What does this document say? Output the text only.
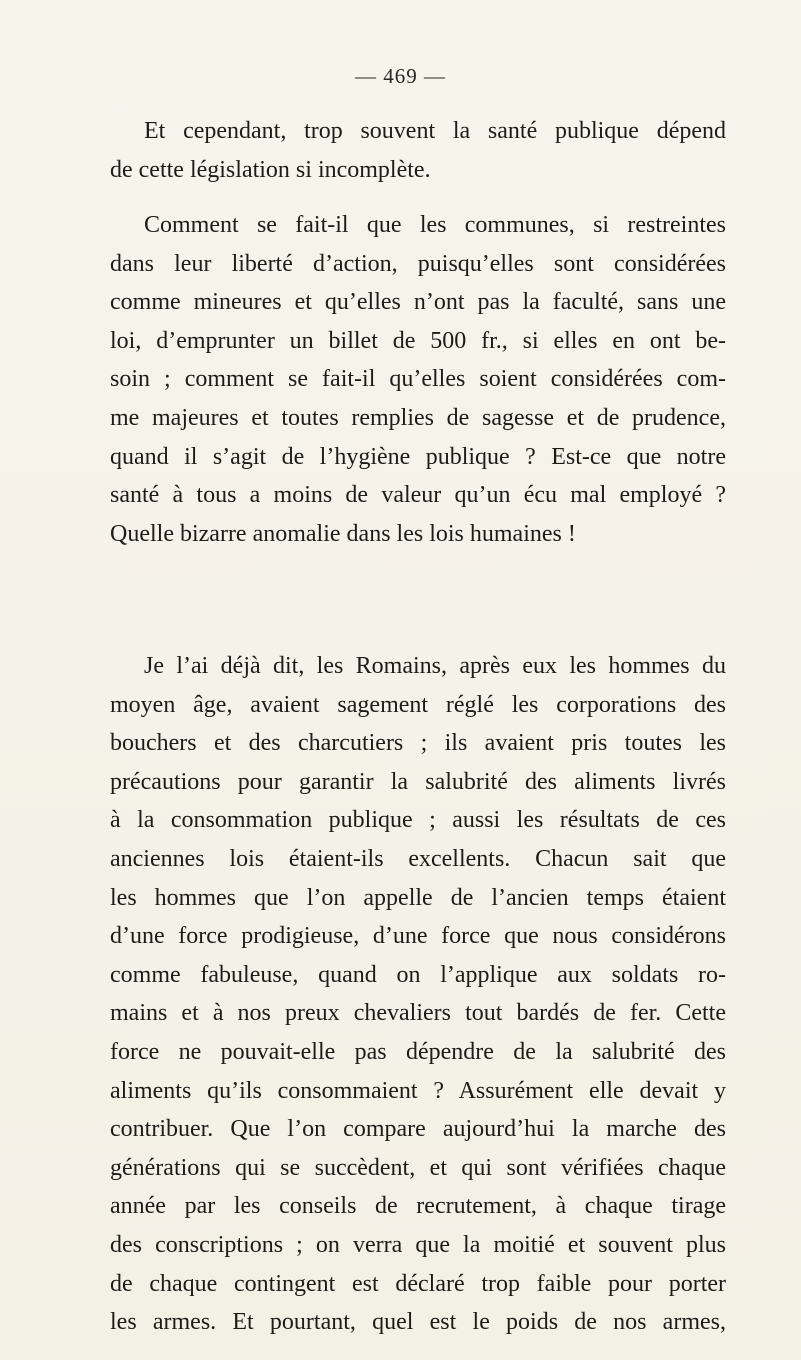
— 469 —
Et cependant, trop souvent la santé publique dépend
de cette législation si incomplète.
Comment se fait-il que les communes, si restreintes
dans leur liberté d’action, puisqu’elles sont considérées
comme mineures et qu’elles n’ont pas la faculté, sans une
loi, d’emprunter un billet de 500 fr., si elles en ont be-
soin ; comment se fait-il qu’elles soient considérées com-
me majeures et toutes remplies de sagesse et de prudence,
quand il s’agit de l’hygiène publique ? Est-ce que notre
santé à tous a moins de valeur qu’un écu mal employé ?
Quelle bizarre anomalie dans les lois humaines !
Je l’ai déjà dit, les Romains, après eux les hommes du
moyen âge, avaient sagement réglé les corporations des
bouchers et des charcutiers ; ils avaient pris toutes les
précautions pour garantir la salubrité des aliments livrés
à la consommation publique ; aussi les résultats de ces
anciennes lois étaient-ils excellents. Chacun sait que
les hommes que l’on appelle de l’ancien temps étaient
d’une force prodigieuse, d’une force que nous considérons
comme fabuleuse, quand on l’applique aux soldats ro-
mains et à nos preux chevaliers tout bardés de fer. Cette
force ne pouvait-elle pas dépendre de la salubrité des
aliments qu’ils consommaient ? Assurément elle devait y
contribuer. Que l’on compare aujourd’hui la marche des
générations qui se succèdent, et qui sont vérifiées chaque
année par les conseils de recrutement, à chaque tirage
des conscriptions ; on verra que la moitié et souvent plus
de chaque contingent est déclaré trop faible pour porter
les armes. Et pourtant, quel est le poids de nos armes,
